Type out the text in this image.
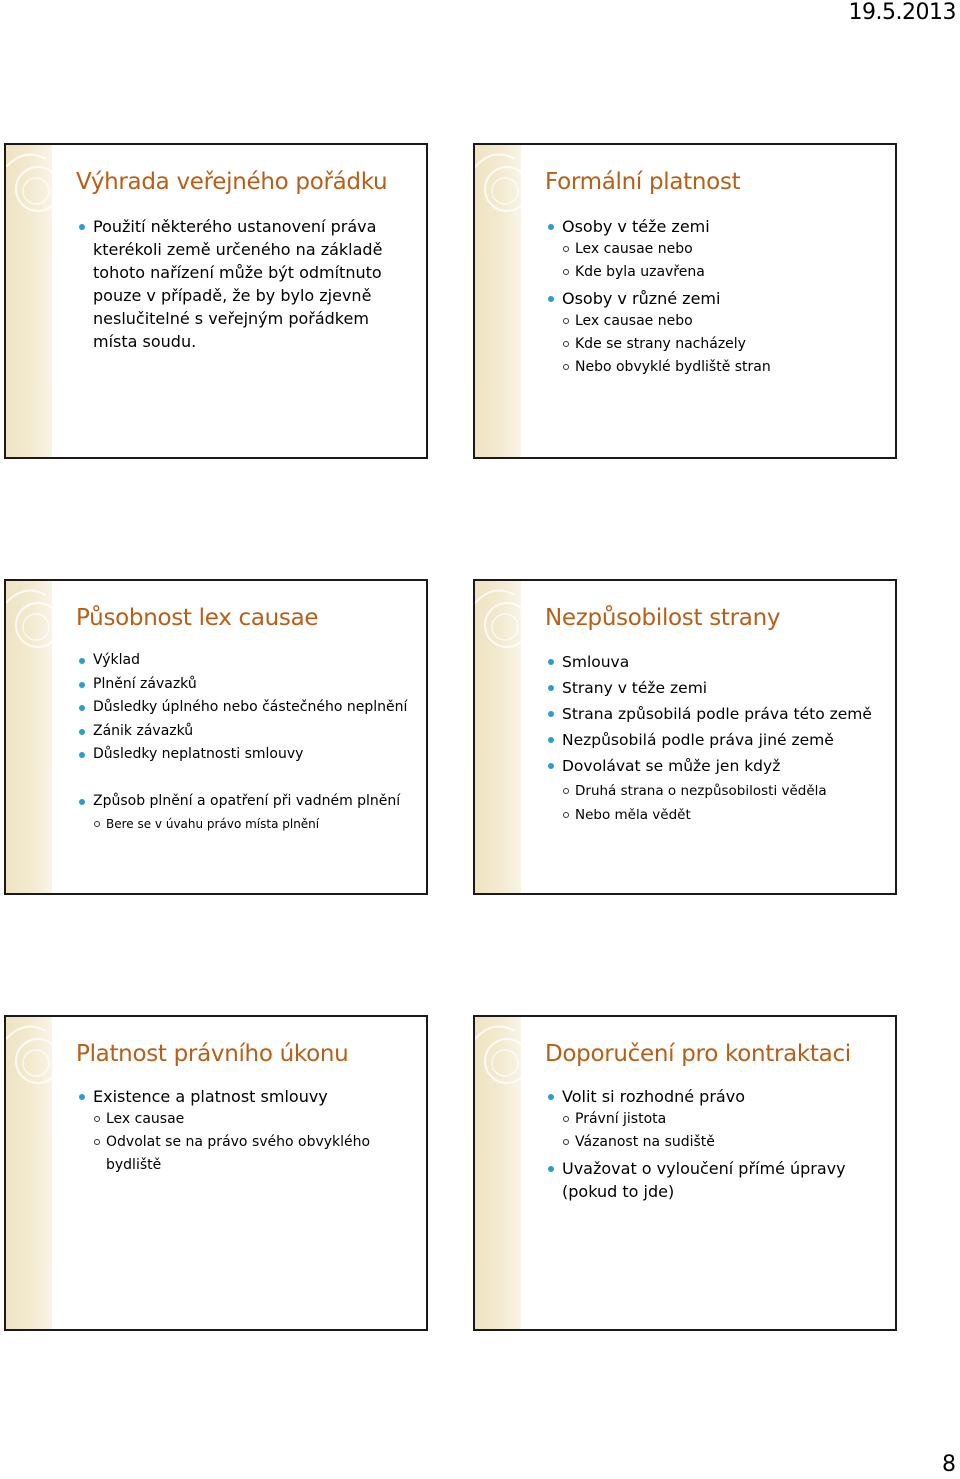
19.5.2013
Výhrada veřejného pořádku
Použití některého ustanovení práva kterékoli země určeného na základě tohoto nařízení může být odmítnuto pouze v případě, že by bylo zjevně neslučitelné s veřejným pořádkem místa soudu.
Formální platnost
Osoby v téže zemi
Lex causae nebo
Kde byla uzavřena
Osoby v různé zemi
Lex causae nebo
Kde se strany nacházely
Nebo obvyklé bydliště stran
Působnost lex causae
Výklad
Plnění závazků
Důsledky úplného nebo částečného neplnění
Zánik závazků
Důsledky neplatnosti smlouvy
Způsob plnění a opatření při vadném plnění
Bere se v úvahu právo místa plnění
Nezpůsobilost strany
Smlouva
Strany v téže zemi
Strana způsobilá podle práva této země
Nezpůsobilá podle práva jiné země
Dovolávat se může jen když
Druhá strana o nezpůsobilosti věděla
Nebo měla vědět
Platnost právního úkonu
Existence a platnost smlouvy
Lex causae
Odvolat se na právo svého obvyklého bydliště
Doporučení pro kontraktaci
Volit si rozhodné právo
Právní jistota
Vázanost na sudiště
Uvažovat o vyloučení přímé úpravy (pokud to jde)
8
